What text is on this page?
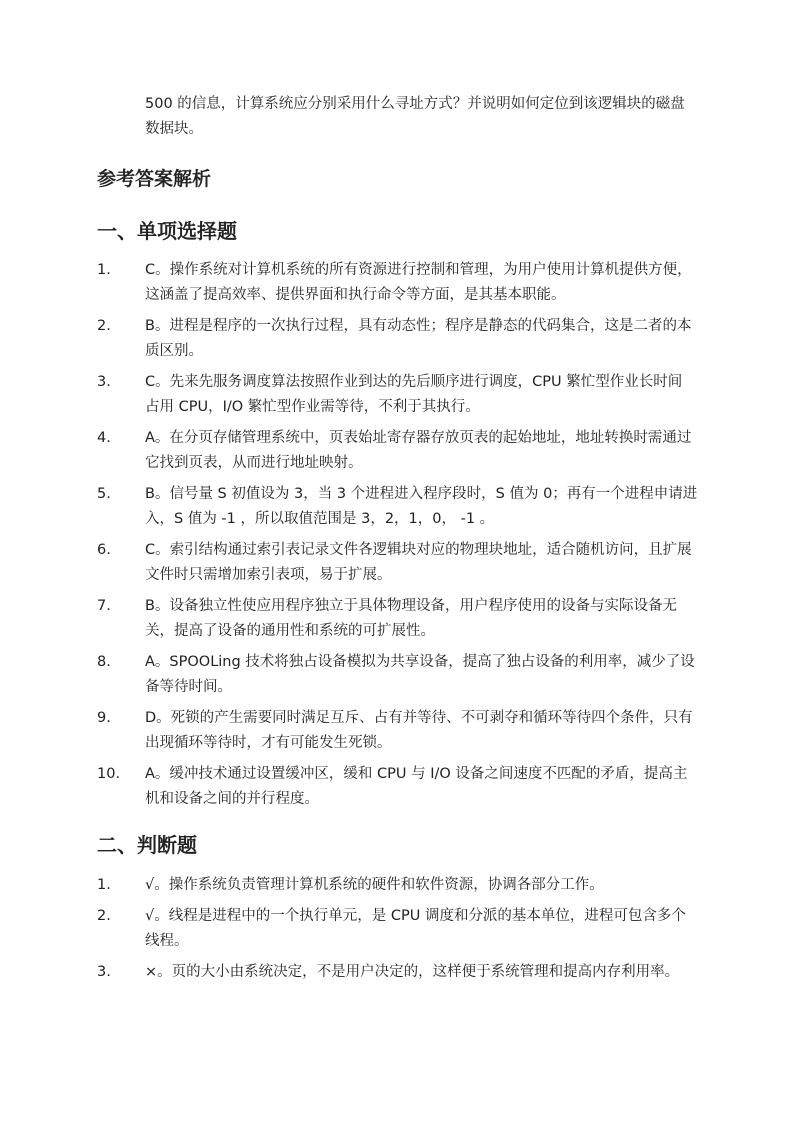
500 的信息，计算系统应分别采用什么寻址方式？并说明如何定位到该逻辑块的磁盘
数据块。
参考答案解析
一、单项选择题
1. C。操作系统对计算机系统的所有资源进行控制和管理，为用户使用计算机提供方便，
这涵盖了提高效率、提供界面和执行命令等方面，是其基本职能。
2. B。进程是程序的一次执行过程，具有动态性；程序是静态的代码集合，这是二者的本
质区别。
3. C。先来先服务调度算法按照作业到达的先后顺序进行调度，CPU 繁忙型作业长时间
占用 CPU，I/O 繁忙型作业需等待，不利于其执行。
4. A。在分页存储管理系统中，页表始址寄存器存放页表的起始地址，地址转换时需通过
它找到页表，从而进行地址映射。
5. B。信号量 S 初值设为 3，当 3 个进程进入程序段时，S 值为 0；再有一个进程申请进
入，S 值为 -1 ，所以取值范围是 3，2，1，0， -1 。
6. C。索引结构通过索引表记录文件各逻辑块对应的物理块地址，适合随机访问，且扩展
文件时只需增加索引表项，易于扩展。
7. B。设备独立性使应用程序独立于具体物理设备，用户程序使用的设备与实际设备无
关，提高了设备的通用性和系统的可扩展性。
8. A。SPOOLing 技术将独占设备模拟为共享设备，提高了独占设备的利用率，减少了设
备等待时间。
9. D。死锁的产生需要同时满足互斥、占有并等待、不可剥夺和循环等待四个条件，只有
出现循环等待时，才有可能发生死锁。
10. A。缓冲技术通过设置缓冲区，缓和 CPU 与 I/O 设备之间速度不匹配的矛盾，提高主
机和设备之间的并行程度。
二、判断题
1. √。操作系统负责管理计算机系统的硬件和软件资源，协调各部分工作。
2. √。线程是进程中的一个执行单元，是 CPU 调度和分派的基本单位，进程可包含多个
线程。
3. ×。页的大小由系统决定，不是用户决定的，这样便于系统管理和提高内存利用率。
